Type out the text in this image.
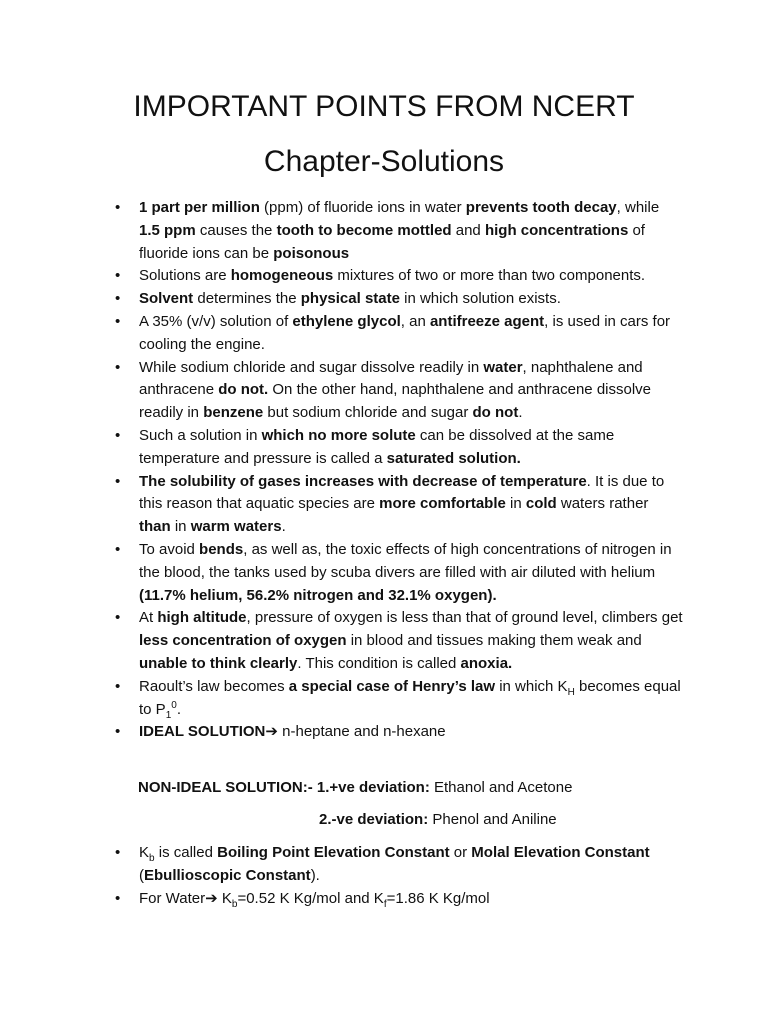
IMPORTANT POINTS FROM NCERT
Chapter-Solutions
• 1 part per million (ppm) of fluoride ions in water prevents tooth decay, while 1.5 ppm causes the tooth to become mottled and high concentrations of fluoride ions can be poisonous
• Solutions are homogeneous mixtures of two or more than two components.
• Solvent determines the physical state in which solution exists.
• A 35% (v/v) solution of ethylene glycol, an antifreeze agent, is used in cars for cooling the engine.
• While sodium chloride and sugar dissolve readily in water, naphthalene and anthracene do not. On the other hand, naphthalene and anthracene dissolve readily in benzene but sodium chloride and sugar do not.
• Such a solution in which no more solute can be dissolved at the same temperature and pressure is called a saturated solution.
• The solubility of gases increases with decrease of temperature. It is due to this reason that aquatic species are more comfortable in cold waters rather than in warm waters.
• To avoid bends, as well as, the toxic effects of high concentrations of nitrogen in the blood, the tanks used by scuba divers are filled with air diluted with helium (11.7% helium, 56.2% nitrogen and 32.1% oxygen).
• At high altitude, pressure of oxygen is less than that of ground level, climbers get less concentration of oxygen in blood and tissues making them weak and unable to think clearly. This condition is called anoxia.
• Raoult’s law becomes a special case of Henry’s law in which $K_H$ becomes equal to $P_1^0$.
• IDEAL SOLUTION➔ n-heptane and n-hexane
NON-IDEAL SOLUTION:- 1.+ve deviation: Ethanol and Acetone
2.-ve deviation: Phenol and Aniline
• $K_b$ is called Boiling Point Elevation Constant or Molal Elevation Constant (Ebullioscopic Constant).
• For Water➔ $K_b=0.52$ K Kg/mol and $K_f=1.86$ K Kg/mol
